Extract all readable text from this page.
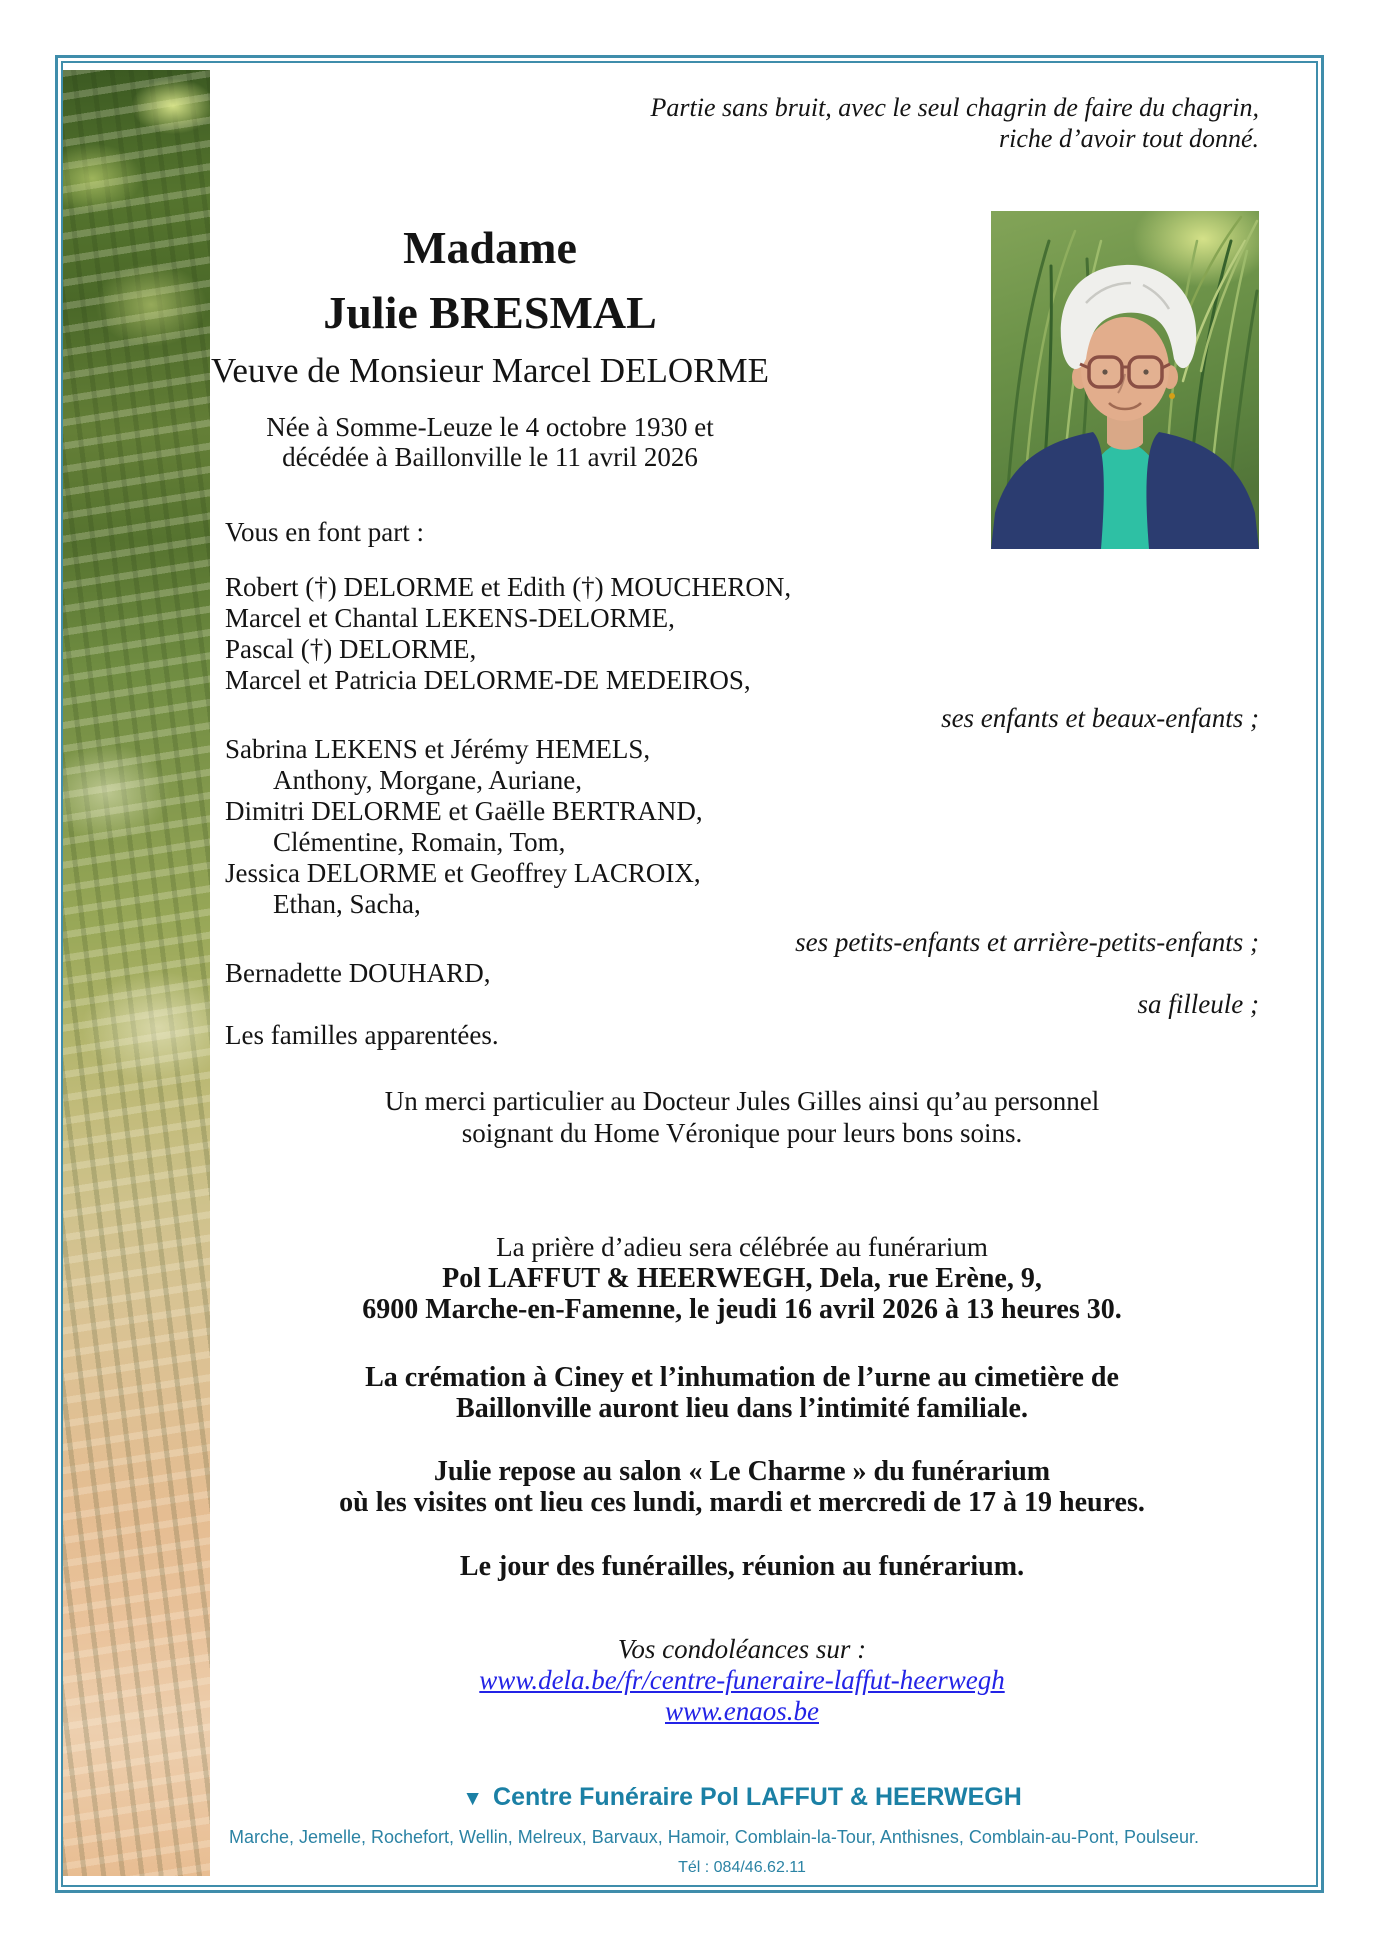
Partie sans bruit, avec le seul chagrin de faire du chagrin,
riche d’avoir tout donné.
Madame
Julie BRESMAL
Veuve de Monsieur Marcel DELORME
Née à Somme-Leuze le 4 octobre 1930 et
décédée à Baillonville le 11 avril 2026
Vous en font part :
Robert (†) DELORME et Edith (†) MOUCHERON,
Marcel et Chantal LEKENS-DELORME,
Pascal (†) DELORME,
Marcel et Patricia DELORME-DE MEDEIROS,
ses enfants et beaux-enfants ;
Sabrina LEKENS et Jérémy HEMELS,
Anthony, Morgane, Auriane,
Dimitri DELORME et Gaëlle BERTRAND,
Clémentine, Romain, Tom,
Jessica DELORME et Geoffrey LACROIX,
Ethan, Sacha,
ses petits-enfants et arrière-petits-enfants ;
Bernadette DOUHARD,
sa filleule ;
Les familles apparentées.
Un merci particulier au Docteur Jules Gilles ainsi qu’au personnel
soignant du Home Véronique pour leurs bons soins.
La prière d’adieu sera célébrée au funérarium
Pol LAFFUT & HEERWEGH, Dela, rue Erène, 9,
6900 Marche-en-Famenne, le jeudi 16 avril 2026 à 13 heures 30.
La crémation à Ciney et l’inhumation de l’urne au cimetière de
Baillonville auront lieu dans l’intimité familiale.
Julie repose au salon « Le Charme » du funérarium
où les visites ont lieu ces lundi, mardi et mercredi de 17 à 19 heures.
Le jour des funérailles, réunion au funérarium.
Vos condoléances sur :
www.dela.be/fr/centre-funeraire-laffut-heerwegh
www.enaos.be
▼ Centre Funéraire Pol LAFFUT & HEERWEGH
Marche, Jemelle, Rochefort, Wellin, Melreux, Barvaux, Hamoir, Comblain-la-Tour, Anthisnes, Comblain-au-Pont, Poulseur.
Tél : 084/46.62.11
